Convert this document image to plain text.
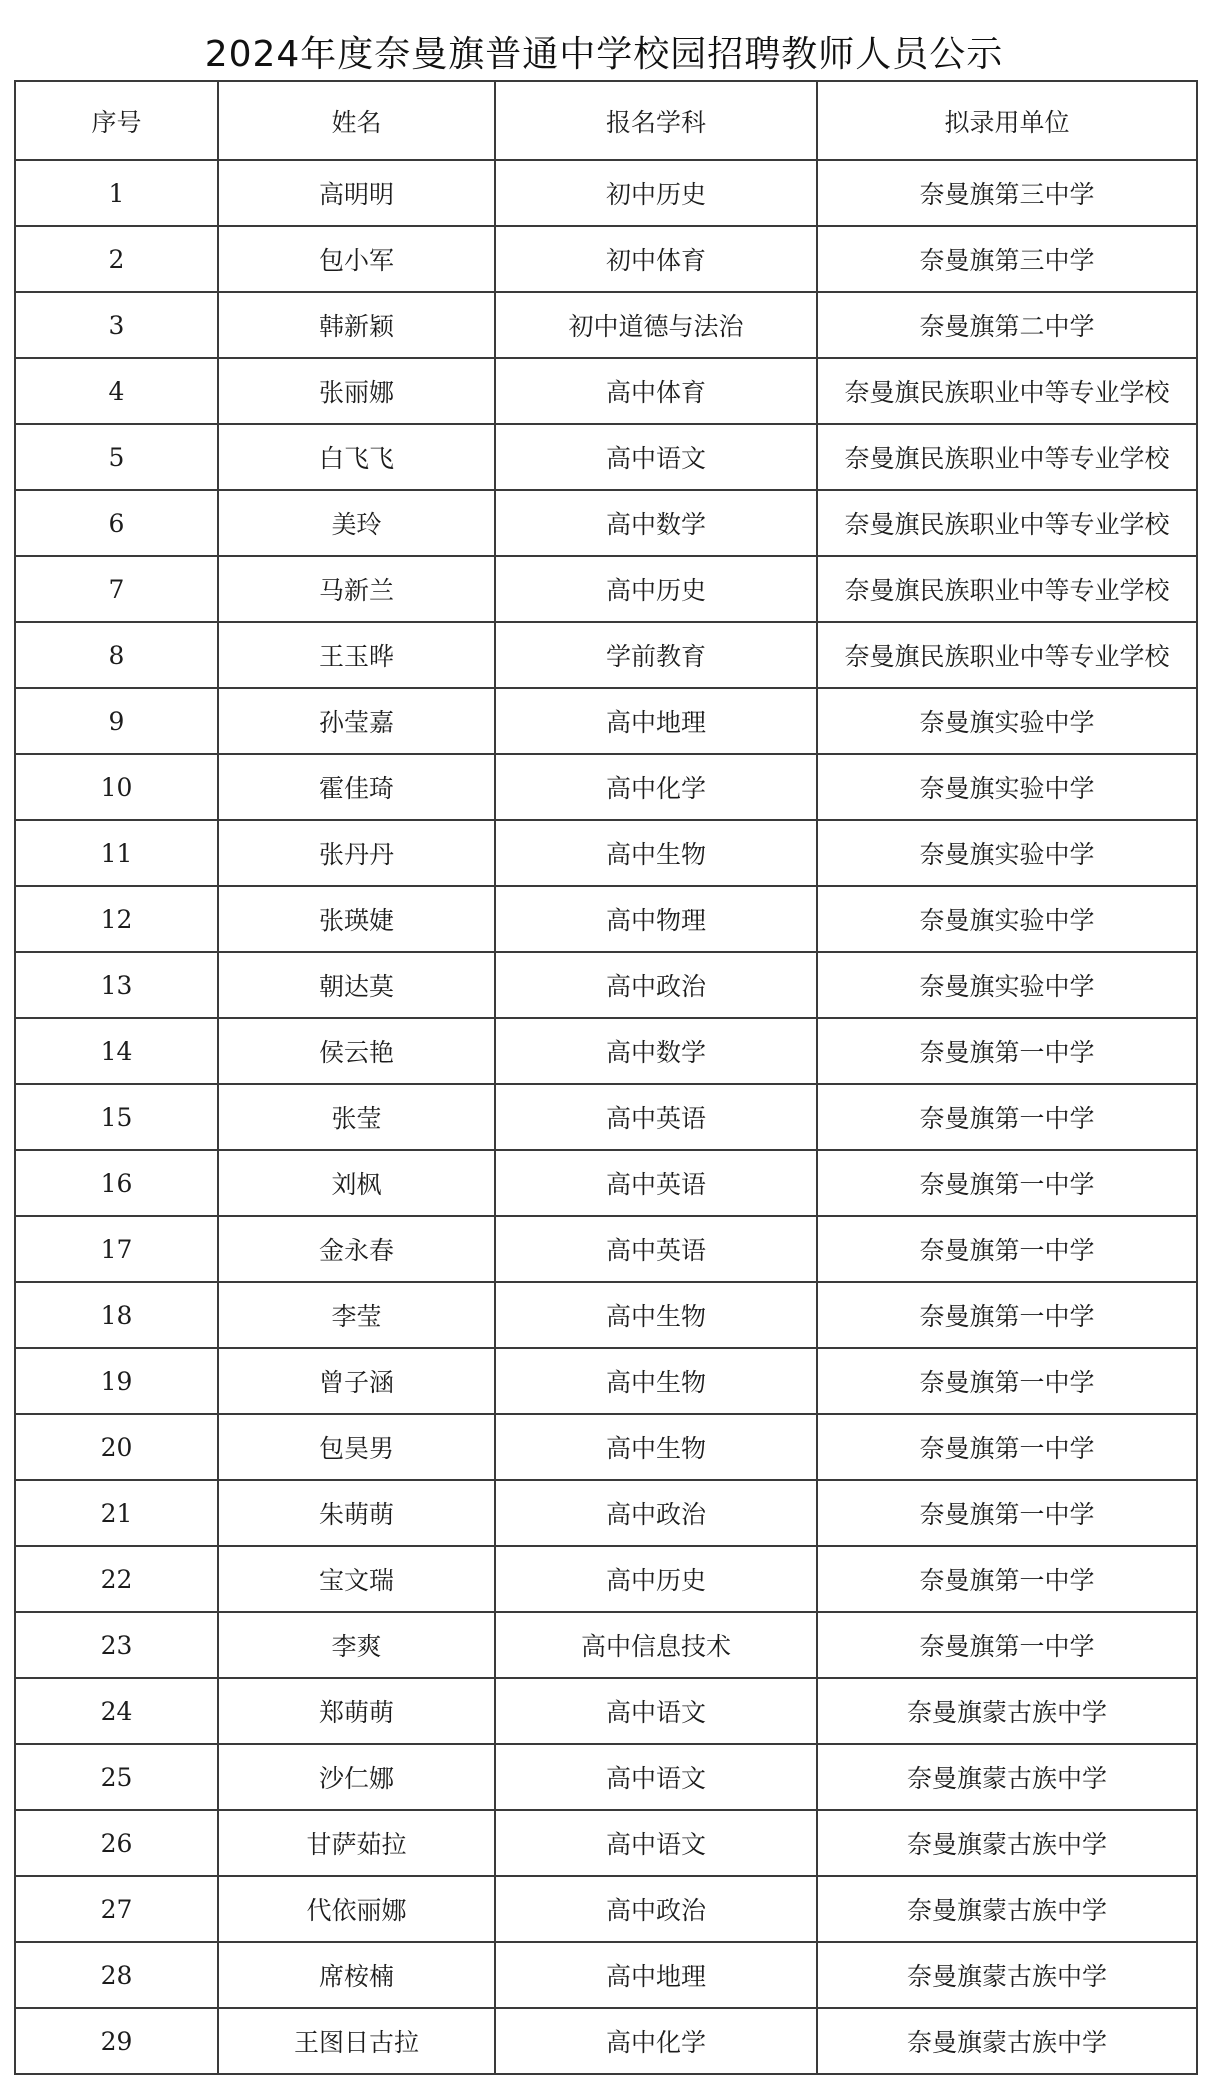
2024年度奈曼旗普通中学校园招聘教师人员公示
序号	姓名	报名学科	拟录用单位
1	高明明	初中历史	奈曼旗第三中学
2	包小军	初中体育	奈曼旗第三中学
3	韩新颖	初中道德与法治	奈曼旗第二中学
4	张丽娜	高中体育	奈曼旗民族职业中等专业学校
5	白飞飞	高中语文	奈曼旗民族职业中等专业学校
6	美玲	高中数学	奈曼旗民族职业中等专业学校
7	马新兰	高中历史	奈曼旗民族职业中等专业学校
8	王玉晔	学前教育	奈曼旗民族职业中等专业学校
9	孙莹嘉	高中地理	奈曼旗实验中学
10	霍佳琦	高中化学	奈曼旗实验中学
11	张丹丹	高中生物	奈曼旗实验中学
12	张瑛婕	高中物理	奈曼旗实验中学
13	朝达莫	高中政治	奈曼旗实验中学
14	侯云艳	高中数学	奈曼旗第一中学
15	张莹	高中英语	奈曼旗第一中学
16	刘枫	高中英语	奈曼旗第一中学
17	金永春	高中英语	奈曼旗第一中学
18	李莹	高中生物	奈曼旗第一中学
19	曾子涵	高中生物	奈曼旗第一中学
20	包昊男	高中生物	奈曼旗第一中学
21	朱萌萌	高中政治	奈曼旗第一中学
22	宝文瑞	高中历史	奈曼旗第一中学
23	李爽	高中信息技术	奈曼旗第一中学
24	郑萌萌	高中语文	奈曼旗蒙古族中学
25	沙仁娜	高中语文	奈曼旗蒙古族中学
26	甘萨茹拉	高中语文	奈曼旗蒙古族中学
27	代依丽娜	高中政治	奈曼旗蒙古族中学
28	席桉楠	高中地理	奈曼旗蒙古族中学
29	王图日古拉	高中化学	奈曼旗蒙古族中学
